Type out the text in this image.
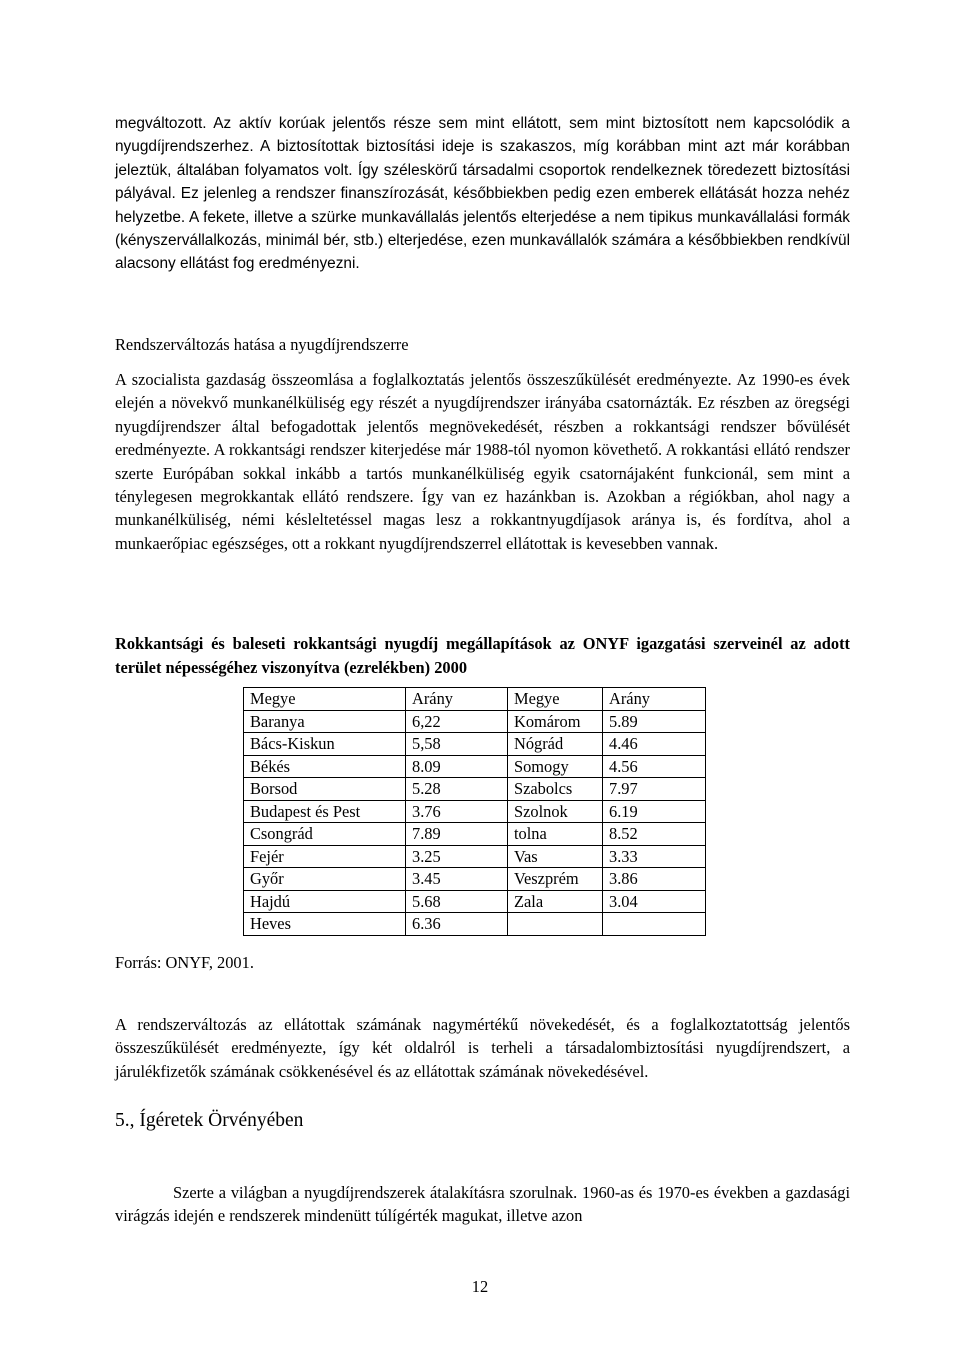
megváltozott. Az aktív korúak jelentős része sem mint ellátott, sem mint biztosított nem kapcsolódik a nyugdíjrendszerhez. A biztosítottak biztosítási ideje is szakaszos, míg korábban mint azt már korábban jeleztük, általában folyamatos volt. Így széleskörű társadalmi csoportok rendelkeznek töredezett biztosítási pályával. Ez jelenleg a rendszer finanszírozását, későbbiekben pedig ezen emberek ellátását hozza nehéz helyzetbe. A fekete, illetve a szürke munkavállalás jelentős elterjedése a nem tipikus munkavállalási formák (kényszervállalkozás, minimál bér, stb.) elterjedése, ezen munkavállalók számára a későbbiekben rendkívül alacsony ellátást fog eredményezni.

Rendszerváltozás hatása a nyugdíjrendszerre

A szocialista gazdaság összeomlása a foglalkoztatás jelentős összeszűkülését eredményezte. Az 1990-es évek elején a növekvő munkanélküliség egy részét a nyugdíjrendszer irányába csatornázták. Ez részben az öregségi nyugdíjrendszer által befogadottak jelentős megnövekedését, részben a rokkantsági rendszer bővülését eredményezte. A rokkantsági rendszer kiterjedése már 1988-tól nyomon követhető. A rokkantási ellátó rendszer szerte Európában sokkal inkább a tartós munkanélküliség egyik csatornájaként funkcionál, sem mint a ténylegesen megrokkantak ellátó rendszere. Így van ez hazánkban is. Azokban a régiókban, ahol nagy a munkanélküliség, némi késleltetéssel magas lesz a rokkantnyugdíjasok aránya is, és fordítva, ahol a munkaerőpiac egészséges, ott a rokkant nyugdíjrendszerrel ellátottak is kevesebben vannak.

Rokkantsági és baleseti rokkantsági nyugdíj megállapítások az ONYF igazgatási szerveinél az adott terület népességéhez viszonyítva (ezrelékben) 2000

Megye	Arány	Megye	Arány
Baranya	6,22	Komárom	5.89
Bács-Kiskun	5,58	Nógrád	4.46
Békés	8.09	Somogy	4.56
Borsod	5.28	Szabolcs	7.97
Budapest és Pest	3.76	Szolnok	6.19
Csongrád	7.89	tolna	8.52
Fejér	3.25	Vas	3.33
Győr	3.45	Veszprém	3.86
Hajdú	5.68	Zala	3.04
Heves	6.36		

Forrás: ONYF, 2001.

A rendszerváltozás az ellátottak számának nagymértékű növekedését, és a foglalkoztatottság jelentős összeszűkülését eredményezte, így két oldalról is terheli a társadalombiztosítási nyugdíjrendszert, a járulékfizetők számának csökkenésével és az ellátottak számának növekedésével.

5., Ígéretek Örvényében

Szerte a világban a nyugdíjrendszerek átalakításra szorulnak. 1960-as és 1970-es években a gazdasági virágzás idején e rendszerek mindenütt túlígérték magukat, illetve azon

12
